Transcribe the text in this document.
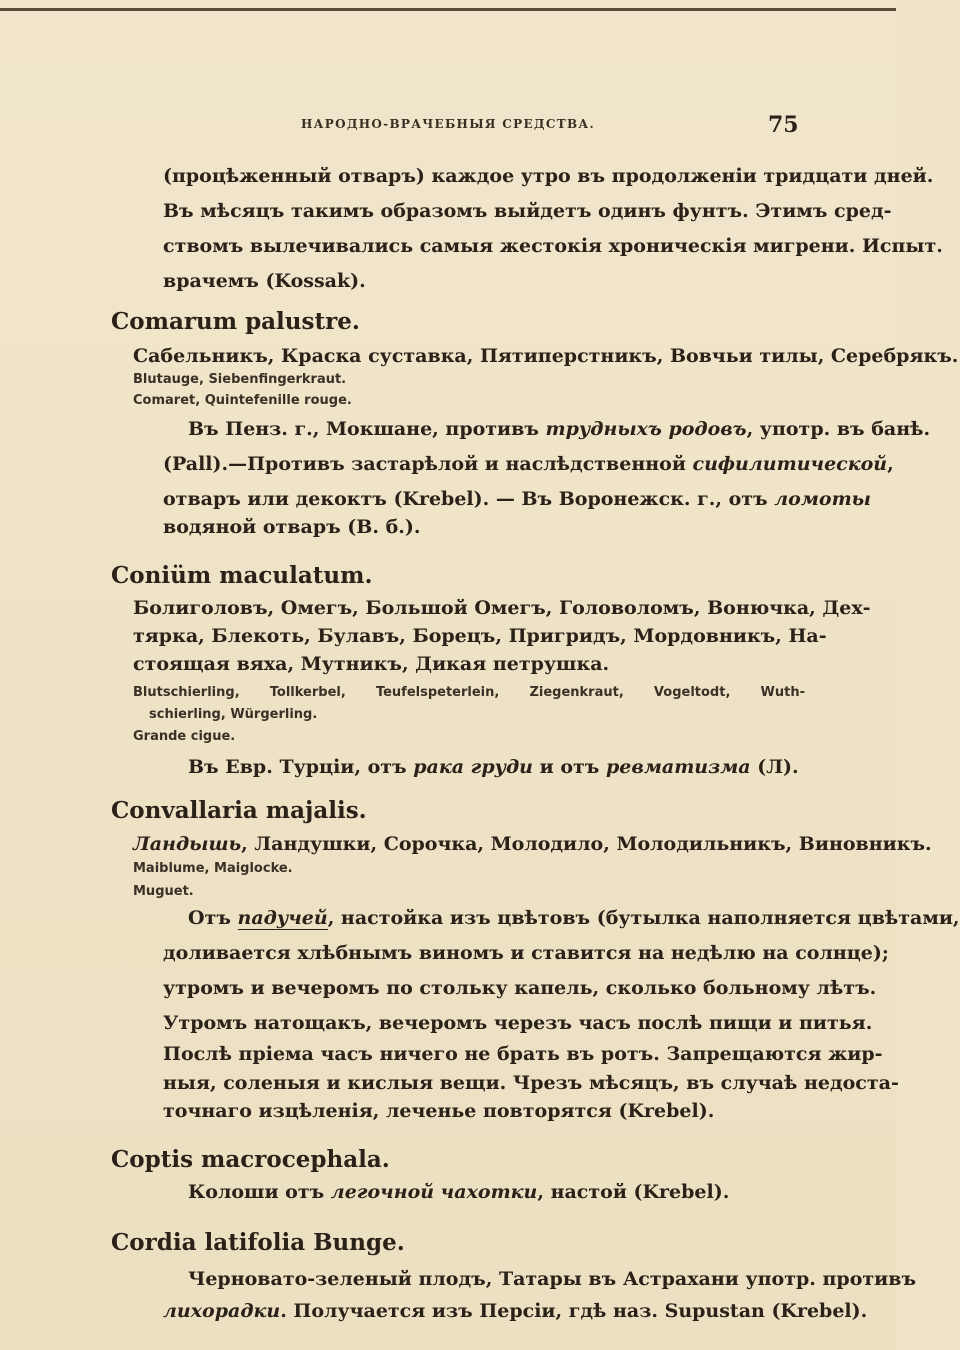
НАРОДНО-ВРАЧЕБНЫЯ СРЕДСТВА.	75
(процѣженный отваръ) каждое утро въ продолженіи тридцати дней.
Въ мѣсяцъ такимъ образомъ выйдетъ одинъ фунтъ. Этимъ сред-
ствомъ вылечивались самыя жестокія хроническія мигрени. Испыт.
врачемъ (Kossak).
Comarum palustre.
Сабельникъ, Краска суставка, Пятиперстникъ, Вовчьи тилы, Серебрякъ.
Blutauge, Siebenfingerkraut.
Comaret, Quintefenille rouge.
Въ Пенз. г., Мокшане, противъ трудныхъ родовъ, употр. въ банѣ.
(Pall).—Противъ застарѣлой и наслѣдственной сифилитической,
отваръ или декоктъ (Krebel). — Въ Воронежск. г., отъ ломоты
водяной отваръ (В. б.).
Coniüm maculatum.
Болиголовъ, Омегъ, Большой Омегъ, Головоломъ, Вонючка, Дех-
тярка, Блекоть, Булавъ, Борецъ, Пригридъ, Мордовникъ, На-
стоящая вяха, Мутникъ, Дикая петрушка.
Blutschierling, Tollkerbel, Teufelspeterlein, Ziegenkraut, Vogeltodt, Wuth-
schierling, Würgerling.
Grande cigue.
Въ Евр. Турціи, отъ рака груди и отъ ревматизма (Л).
Convallaria majalis.
Ландышь, Ландушки, Сорочка, Молодило, Молодильникъ, Виновникъ.
Maiblume, Maiglocke.
Muguet.
Отъ падучей, настойка изъ цвѣтовъ (бутылка наполняется цвѣтами,
доливается хлѣбнымъ виномъ и ставится на недѣлю на солнце);
утромъ и вечеромъ по стольку капель, сколько больному лѣтъ.
Утромъ натощакъ, вечеромъ черезъ часъ послѣ пищи и питья.
Послѣ пріема часъ ничего не брать въ ротъ. Запрещаются жир-
ныя, соленыя и кислыя вещи. Чрезъ мѣсяцъ, въ случаѣ недоста-
точнаго изцѣленія, леченье повторятся (Krebel).
Coptis macrocephala.
Колоши отъ легочной чахотки, настой (Krebel).
Cordia latifolia Bunge.
Черновато-зеленый плодъ, Татары въ Астрахани употр. противъ
лихорадки. Получается изъ Персіи, гдѣ наз. Supustan (Krebel).
